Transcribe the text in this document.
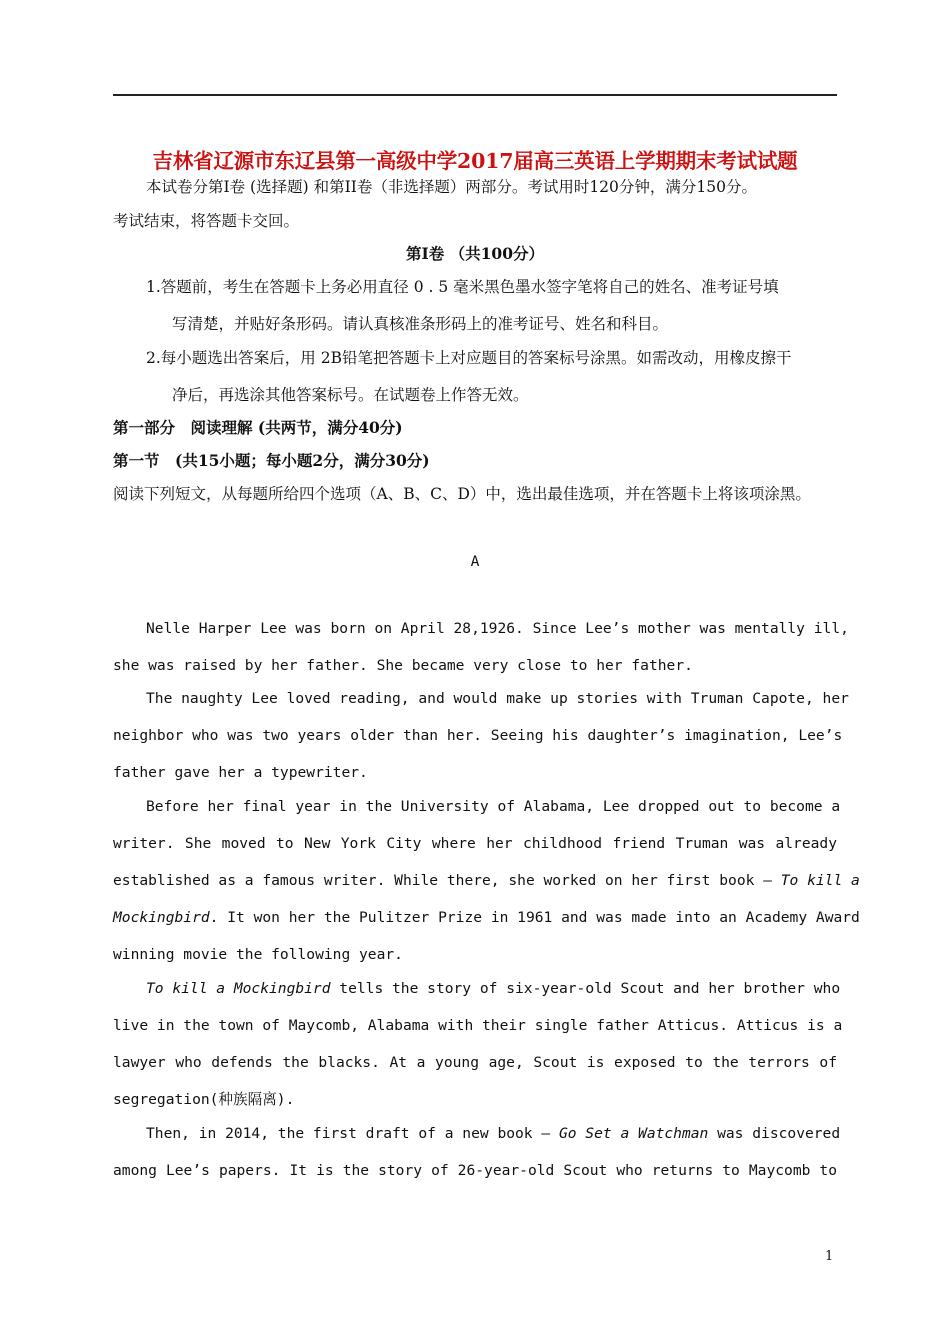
吉林省辽源市东辽县第一高级中学2017届高三英语上学期期末考试试题
本试卷分第I卷 (选择题) 和第II卷（非选择题）两部分。考试用时120分钟，满分150分。
考试结束，将答题卡交回。
第I卷 （共100分）
1.答题前，考生在答题卡上务必用直径 0 . 5 毫米黑色墨水签字笔将自己的姓名、准考证号填
写清楚，并贴好条形码。请认真核准条形码上的准考证号、姓名和科目。
2.每小题选出答案后，用 2B铅笔把答题卡上对应题目的答案标号涂黑。如需改动，用橡皮擦干
净后，再选涂其他答案标号。在试题卷上作答无效。
第一部分　阅读理解 (共两节，满分40分)
第一节　(共15小题；每小题2分，满分30分)
阅读下列短文，从每题所给四个选项（A、B、C、D）中，选出最佳选项，并在答题卡上将该项涂黑。
A
Nelle Harper Lee was born on April 28,1926. Since Lee’s mother was mentally ill,
she was raised by her father. She became very close to her father.
The naughty Lee loved reading, and would make up stories with Truman Capote, her
neighbor who was two years older than her. Seeing his daughter’s imagination, Lee’s
father gave her a typewriter.
Before her final year in the University of Alabama, Lee dropped out to become a
writer. She moved to New York City where her childhood friend Truman was already
established as a famous writer. While there, she worked on her first book — To kill a
Mockingbird. It won her the Pulitzer Prize in 1961 and was made into an Academy Award
winning movie the following year.
To kill a Mockingbird tells the story of six-year-old Scout and her brother who
live in the town of Maycomb, Alabama with their single father Atticus. Atticus is a
lawyer who defends the blacks. At a young age, Scout is exposed to the terrors of
segregation(种族隔离).
Then, in 2014, the first draft of a new book — Go Set a Watchman was discovered
among Lee’s papers. It is the story of 26-year-old Scout who returns to Maycomb to
1
